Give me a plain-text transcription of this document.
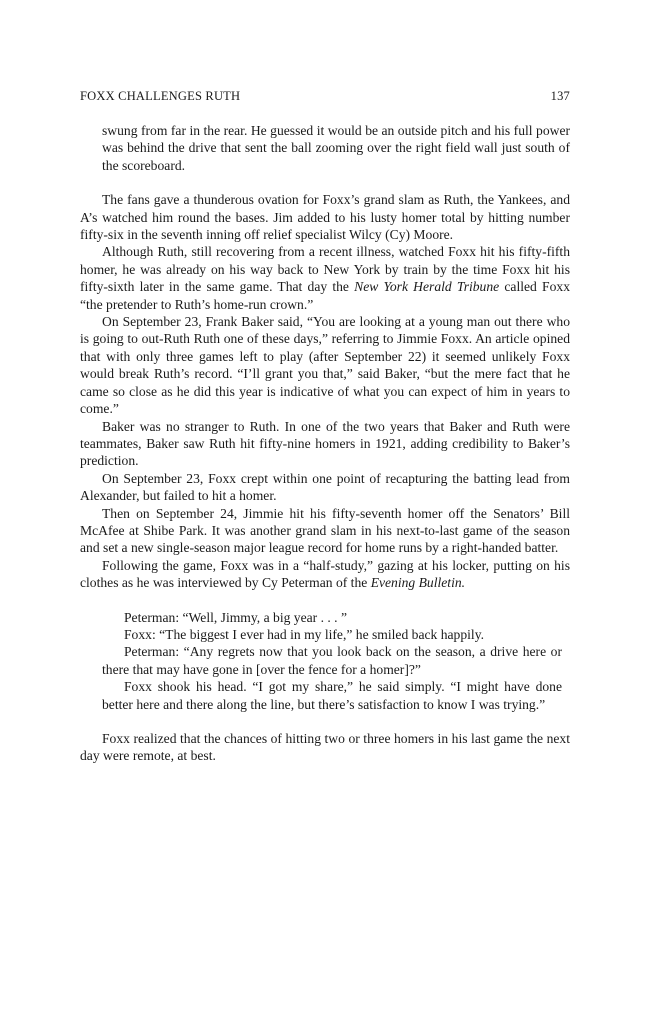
FOXX CHALLENGES RUTH	137

swung from far in the rear. He guessed it would be an outside pitch and his full power was behind the drive that sent the ball zooming over the right field wall just south of the scoreboard.

The fans gave a thunderous ovation for Foxx’s grand slam as Ruth, the Yankees, and A’s watched him round the bases. Jim added to his lusty homer total by hitting number fifty-six in the seventh inning off relief specialist Wilcy (Cy) Moore.

Although Ruth, still recovering from a recent illness, watched Foxx hit his fifty-fifth homer, he was already on his way back to New York by train by the time Foxx hit his fifty-sixth later in the same game. That day the New York Herald Tribune called Foxx “the pretender to Ruth’s home-run crown.”

On September 23, Frank Baker said, “You are looking at a young man out there who is going to out-Ruth Ruth one of these days,” referring to Jimmie Foxx. An article opined that with only three games left to play (after September 22) it seemed unlikely Foxx would break Ruth’s record. “I’ll grant you that,” said Baker, “but the mere fact that he came so close as he did this year is indicative of what you can expect of him in years to come.”

Baker was no stranger to Ruth. In one of the two years that Baker and Ruth were teammates, Baker saw Ruth hit fifty-nine homers in 1921, adding credibility to Baker’s prediction.

On September 23, Foxx crept within one point of recapturing the batting lead from Alexander, but failed to hit a homer.

Then on September 24, Jimmie hit his fifty-seventh homer off the Senators’ Bill McAfee at Shibe Park. It was another grand slam in his next-to-last game of the season and set a new single-season major league record for home runs by a right-handed batter.

Following the game, Foxx was in a “half-study,” gazing at his locker, putting on his clothes as he was interviewed by Cy Peterman of the Evening Bulletin.

Peterman: “Well, Jimmy, a big year . . . ”

Foxx: “The biggest I ever had in my life,” he smiled back happily.

Peterman: “Any regrets now that you look back on the season, a drive here or there that may have gone in [over the fence for a homer]?”

Foxx shook his head. “I got my share,” he said simply. “I might have done better here and there along the line, but there’s satisfaction to know I was trying.”

Foxx realized that the chances of hitting two or three homers in his last game the next day were remote, at best.
